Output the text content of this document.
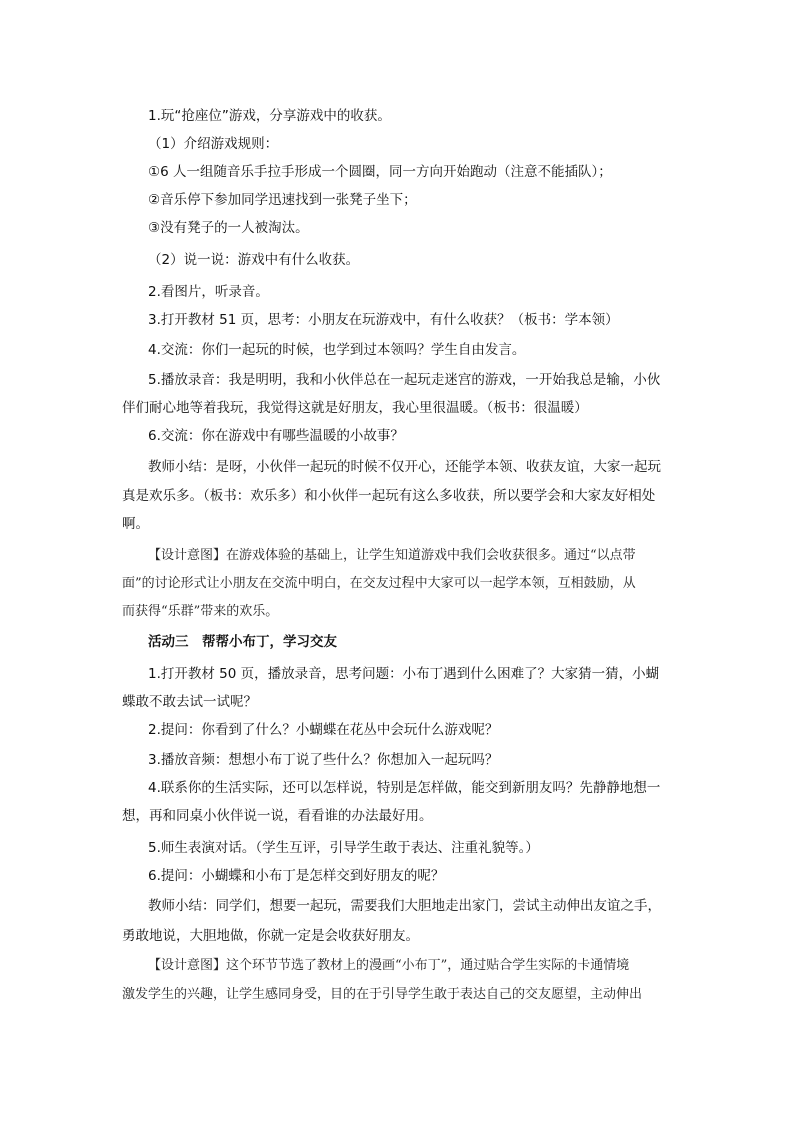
1.玩“抢座位”游戏，分享游戏中的收获。
（1）介绍游戏规则：
①6 人一组随音乐手拉手形成一个圆圈，同一方向开始跑动（注意不能插队）；
②音乐停下参加同学迅速找到一张凳子坐下；
③没有凳子的一人被淘汰。
（2）说一说：游戏中有什么收获。
2.看图片，听录音。
3.打开教材 51 页，思考：小朋友在玩游戏中，有什么收获？（板书：学本领）
4.交流：你们一起玩的时候，也学到过本领吗？学生自由发言。
5.播放录音：我是明明，我和小伙伴总在一起玩走迷宫的游戏，一开始我总是输，小伙
伴们耐心地等着我玩，我觉得这就是好朋友，我心里很温暖。（板书：很温暖）
6.交流：你在游戏中有哪些温暖的小故事？
教师小结：是呀，小伙伴一起玩的时候不仅开心，还能学本领、收获友谊，大家一起玩
真是欢乐多。（板书：欢乐多）和小伙伴一起玩有这么多收获，所以要学会和大家友好相处
啊。
【设计意图】在游戏体验的基础上，让学生知道游戏中我们会收获很多。通过“以点带
面”的讨论形式让小朋友在交流中明白，在交友过程中大家可以一起学本领，互相鼓励，从
而获得“乐群”带来的欢乐。
活动三　帮帮小布丁，学习交友
1.打开教材 50 页，播放录音，思考问题：小布丁遇到什么困难了？大家猜一猜，小蝴
蝶敢不敢去试一试呢？
2.提问：你看到了什么？小蝴蝶在花丛中会玩什么游戏呢？
3.播放音频：想想小布丁说了些什么？你想加入一起玩吗？
4.联系你的生活实际，还可以怎样说，特别是怎样做，能交到新朋友吗？先静静地想一
想，再和同桌小伙伴说一说，看看谁的办法最好用。
5.师生表演对话。（学生互评，引导学生敢于表达、注重礼貌等。）
6.提问：小蝴蝶和小布丁是怎样交到好朋友的呢？
教师小结：同学们，想要一起玩，需要我们大胆地走出家门，尝试主动伸出友谊之手，
勇敢地说，大胆地做，你就一定是会收获好朋友。
【设计意图】这个环节节选了教材上的漫画“小布丁”，通过贴合学生实际的卡通情境
激发学生的兴趣，让学生感同身受，目的在于引导学生敢于表达自己的交友愿望，主动伸出
